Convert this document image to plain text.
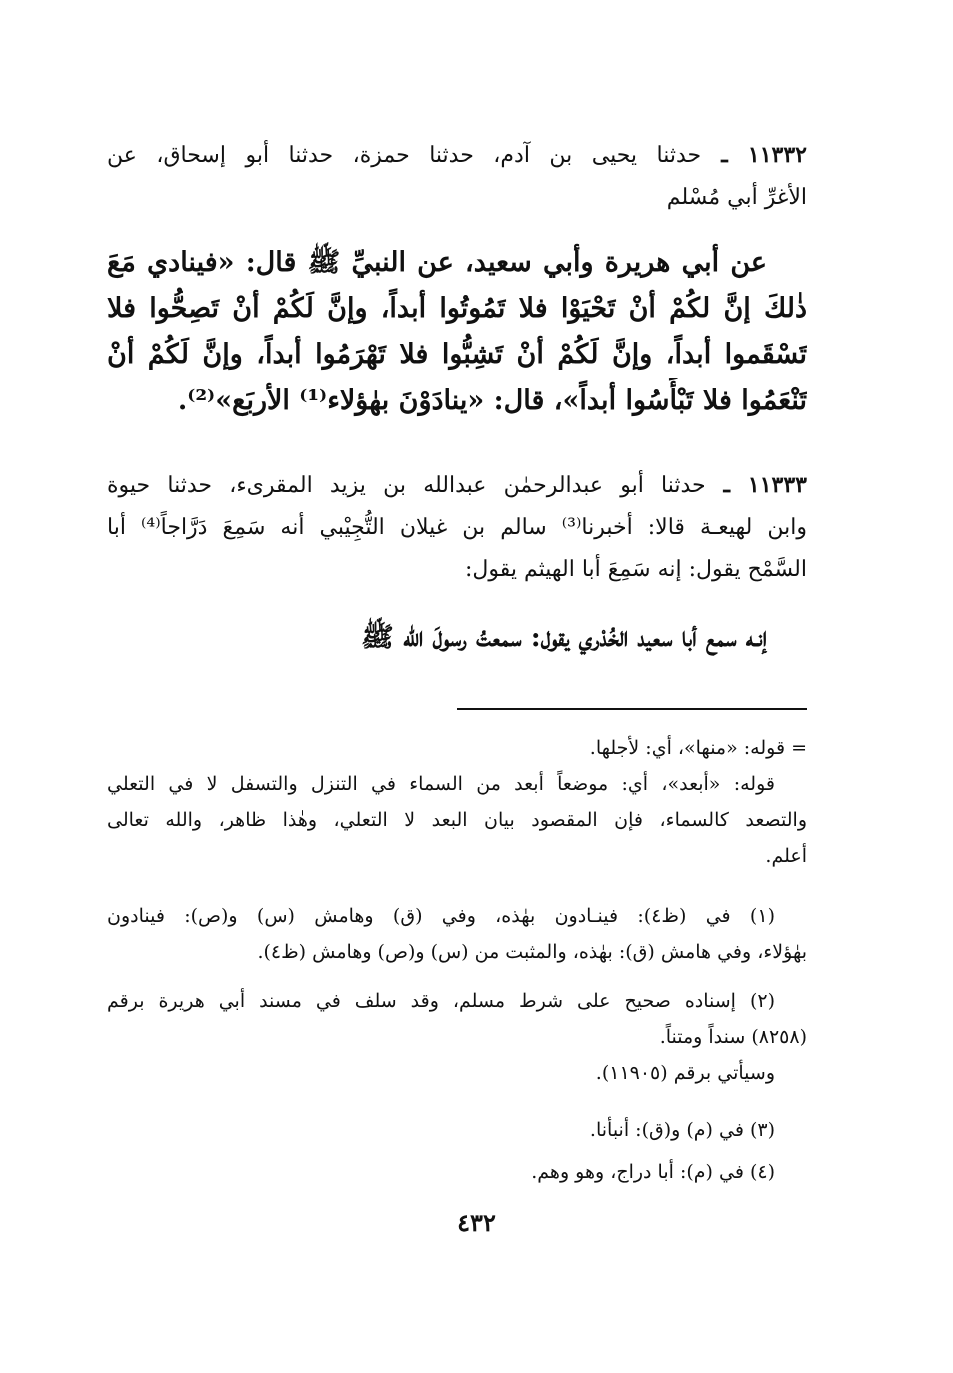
١١٣٣٢ ـ حدثنا يحيى بن آدم، حدثنا حمزة، حدثنا أبو إسحاق، عن
الأغرِّ أبي مُسْلم
عن أبي هريرة وأبي سعيد، عن النبيِّ ﷺ قال: «فينادي مَعَ
ذٰلكَ إنَّ لكُمْ أنْ تَحْيَوْا فلا تَمُوتُوا أبداً، وإنَّ لَكُمْ أنْ تَصِحُّوا فلا
تَسْقَموا أبداً، وإنَّ لَكُمْ أنْ تَشِبُّوا فلا تَهْرَمُوا أبداً، وإنَّ لَكُمْ أنْ
تَنْعَمُوا فلا تَبْأَسُوا أبداً»، قال: «ينادَوْنَ بهٰؤلاء⁽¹⁾ الأربَع»⁽²⁾.
١١٣٣٣ ـ حدثنا أبو عبدالرحمٰن عبدالله بن يزيد المقرىء، حدثنا حيوة
وابن لهيعـة قالا: أخبرنا⁽³⁾ سالم بن غيلان التُّجِيْبي أنه سَمِعَ دَرَّاجاً⁽⁴⁾ أبا
السَّمْح يقول: إنه سَمِعَ أبا الهيثم يقول:
إنـه سمع أبا سعيد الخُدْري يقول: سمعتُ رسولَ الله ﷺ
= قوله: «منها»، أي: لأجلها.
قوله: «أبعد»، أي: موضعاً أبعد من السماء في التنزل والتسفل لا في التعلي
والتصعد كالسماء، فإن المقصود بيان البعد لا التعلي، وهٰذا ظاهر، والله تعالى
أعلم.
(١) في (ظ٤): فينـادون بهٰذه، وفي (ق) وهامش (س) و(ص): فينادون
بهٰؤلاء، وفي هامش (ق): بهٰذه، والمثبت من (س) و(ص) وهامش (ظ٤).
(٢) إسناده صحيح على شرط مسلم، وقد سلف في مسند أبي هريرة برقم
(٨٢٥٨) سنداً ومتناً.
وسيأتي برقم (١١٩٠٥).
(٣) في (م) و(ق): أنبأنا.
(٤) في (م): أبا دراج، وهو وهم.
٤٣٢
